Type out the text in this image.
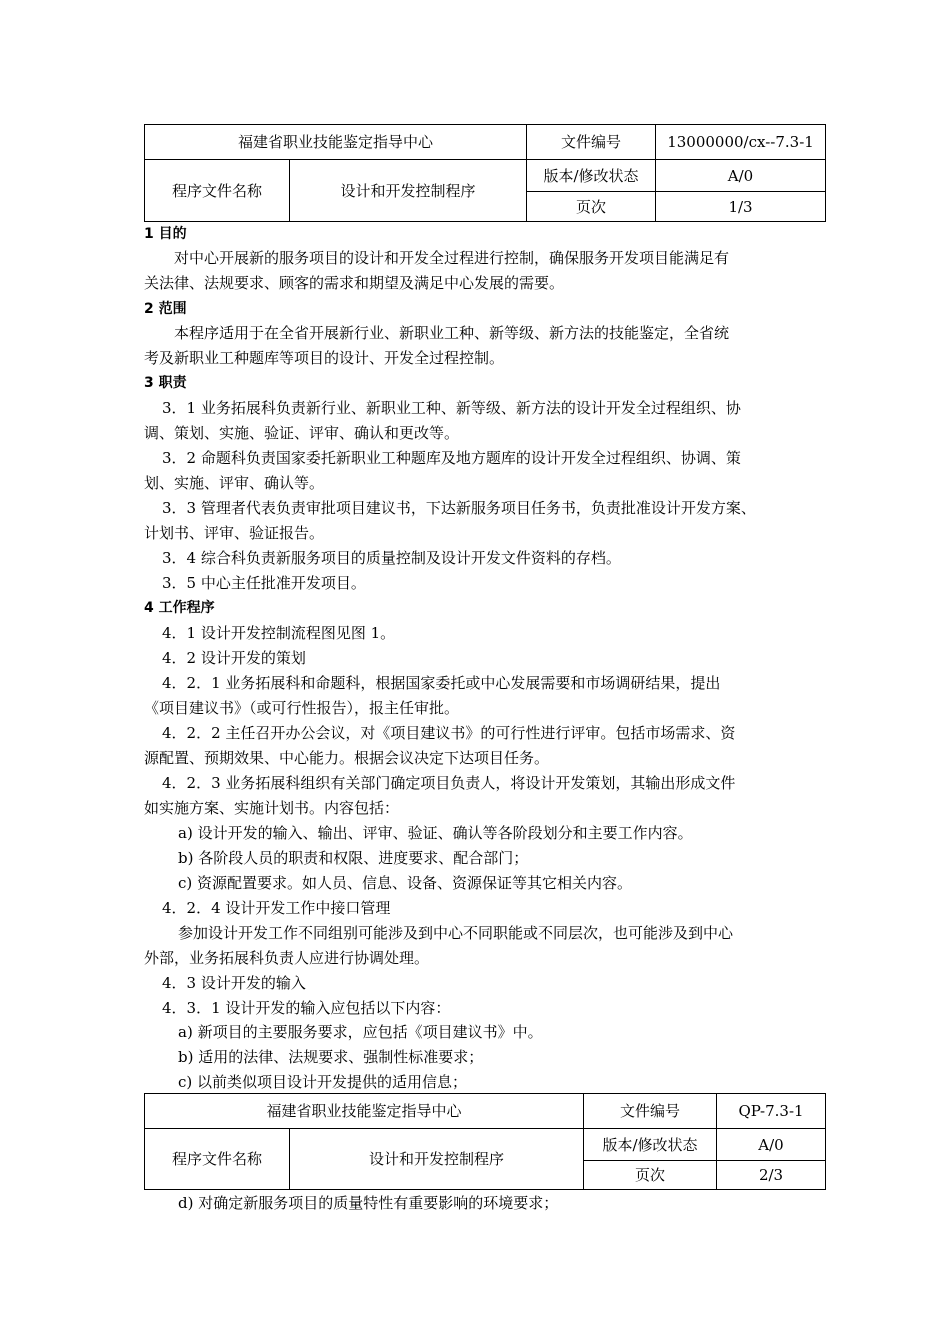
福建省职业技能鉴定指导中心		文件编号	13000000/cx--7.3-1
程序文件名称	设计和开发控制程序	版本/修改状态	A/0
		页次	1/3
1 目的
对中心开展新的服务项目的设计和开发全过程进行控制，确保服务开发项目能满足有
关法律、法规要求、顾客的需求和期望及满足中心发展的需要。
2 范围
本程序适用于在全省开展新行业、新职业工种、新等级、新方法的技能鉴定，全省统
考及新职业工种题库等项目的设计、开发全过程控制。
3 职责
3．1 业务拓展科负责新行业、新职业工种、新等级、新方法的设计开发全过程组织、协
调、策划、实施、验证、评审、确认和更改等。
3．2 命题科负责国家委托新职业工种题库及地方题库的设计开发全过程组织、协调、策
划、实施、评审、确认等。
3．3 管理者代表负责审批项目建议书，下达新服务项目任务书，负责批准设计开发方案、
计划书、评审、验证报告。
3．4 综合科负责新服务项目的质量控制及设计开发文件资料的存档。
3．5 中心主任批准开发项目。
4 工作程序
4．1 设计开发控制流程图见图 1。
4．2 设计开发的策划
4．2．1 业务拓展科和命题科，根据国家委托或中心发展需要和市场调研结果，提出
《项目建议书》（或可行性报告），报主任审批。
4．2．2 主任召开办公会议，对《项目建议书》的可行性进行评审。包括市场需求、资
源配置、预期效果、中心能力。根据会议决定下达项目任务。
4．2．3 业务拓展科组织有关部门确定项目负责人，将设计开发策划，其输出形成文件
如实施方案、实施计划书。内容包括：
a) 设计开发的输入、输出、评审、验证、确认等各阶段划分和主要工作内容。
b) 各阶段人员的职责和权限、进度要求、配合部门；
c) 资源配置要求。如人员、信息、设备、资源保证等其它相关内容。
4．2．4 设计开发工作中接口管理
参加设计开发工作不同组别可能涉及到中心不同职能或不同层次，也可能涉及到中心
外部，业务拓展科负责人应进行协调处理。
4．3 设计开发的输入
4．3．1 设计开发的输入应包括以下内容：
a) 新项目的主要服务要求，应包括《项目建议书》中。
b) 适用的法律、法规要求、强制性标准要求；
c) 以前类似项目设计开发提供的适用信息；
福建省职业技能鉴定指导中心		文件编号	QP-7.3-1
程序文件名称	设计和开发控制程序	版本/修改状态	A/0
		页次	2/3
d) 对确定新服务项目的质量特性有重要影响的环境要求；
